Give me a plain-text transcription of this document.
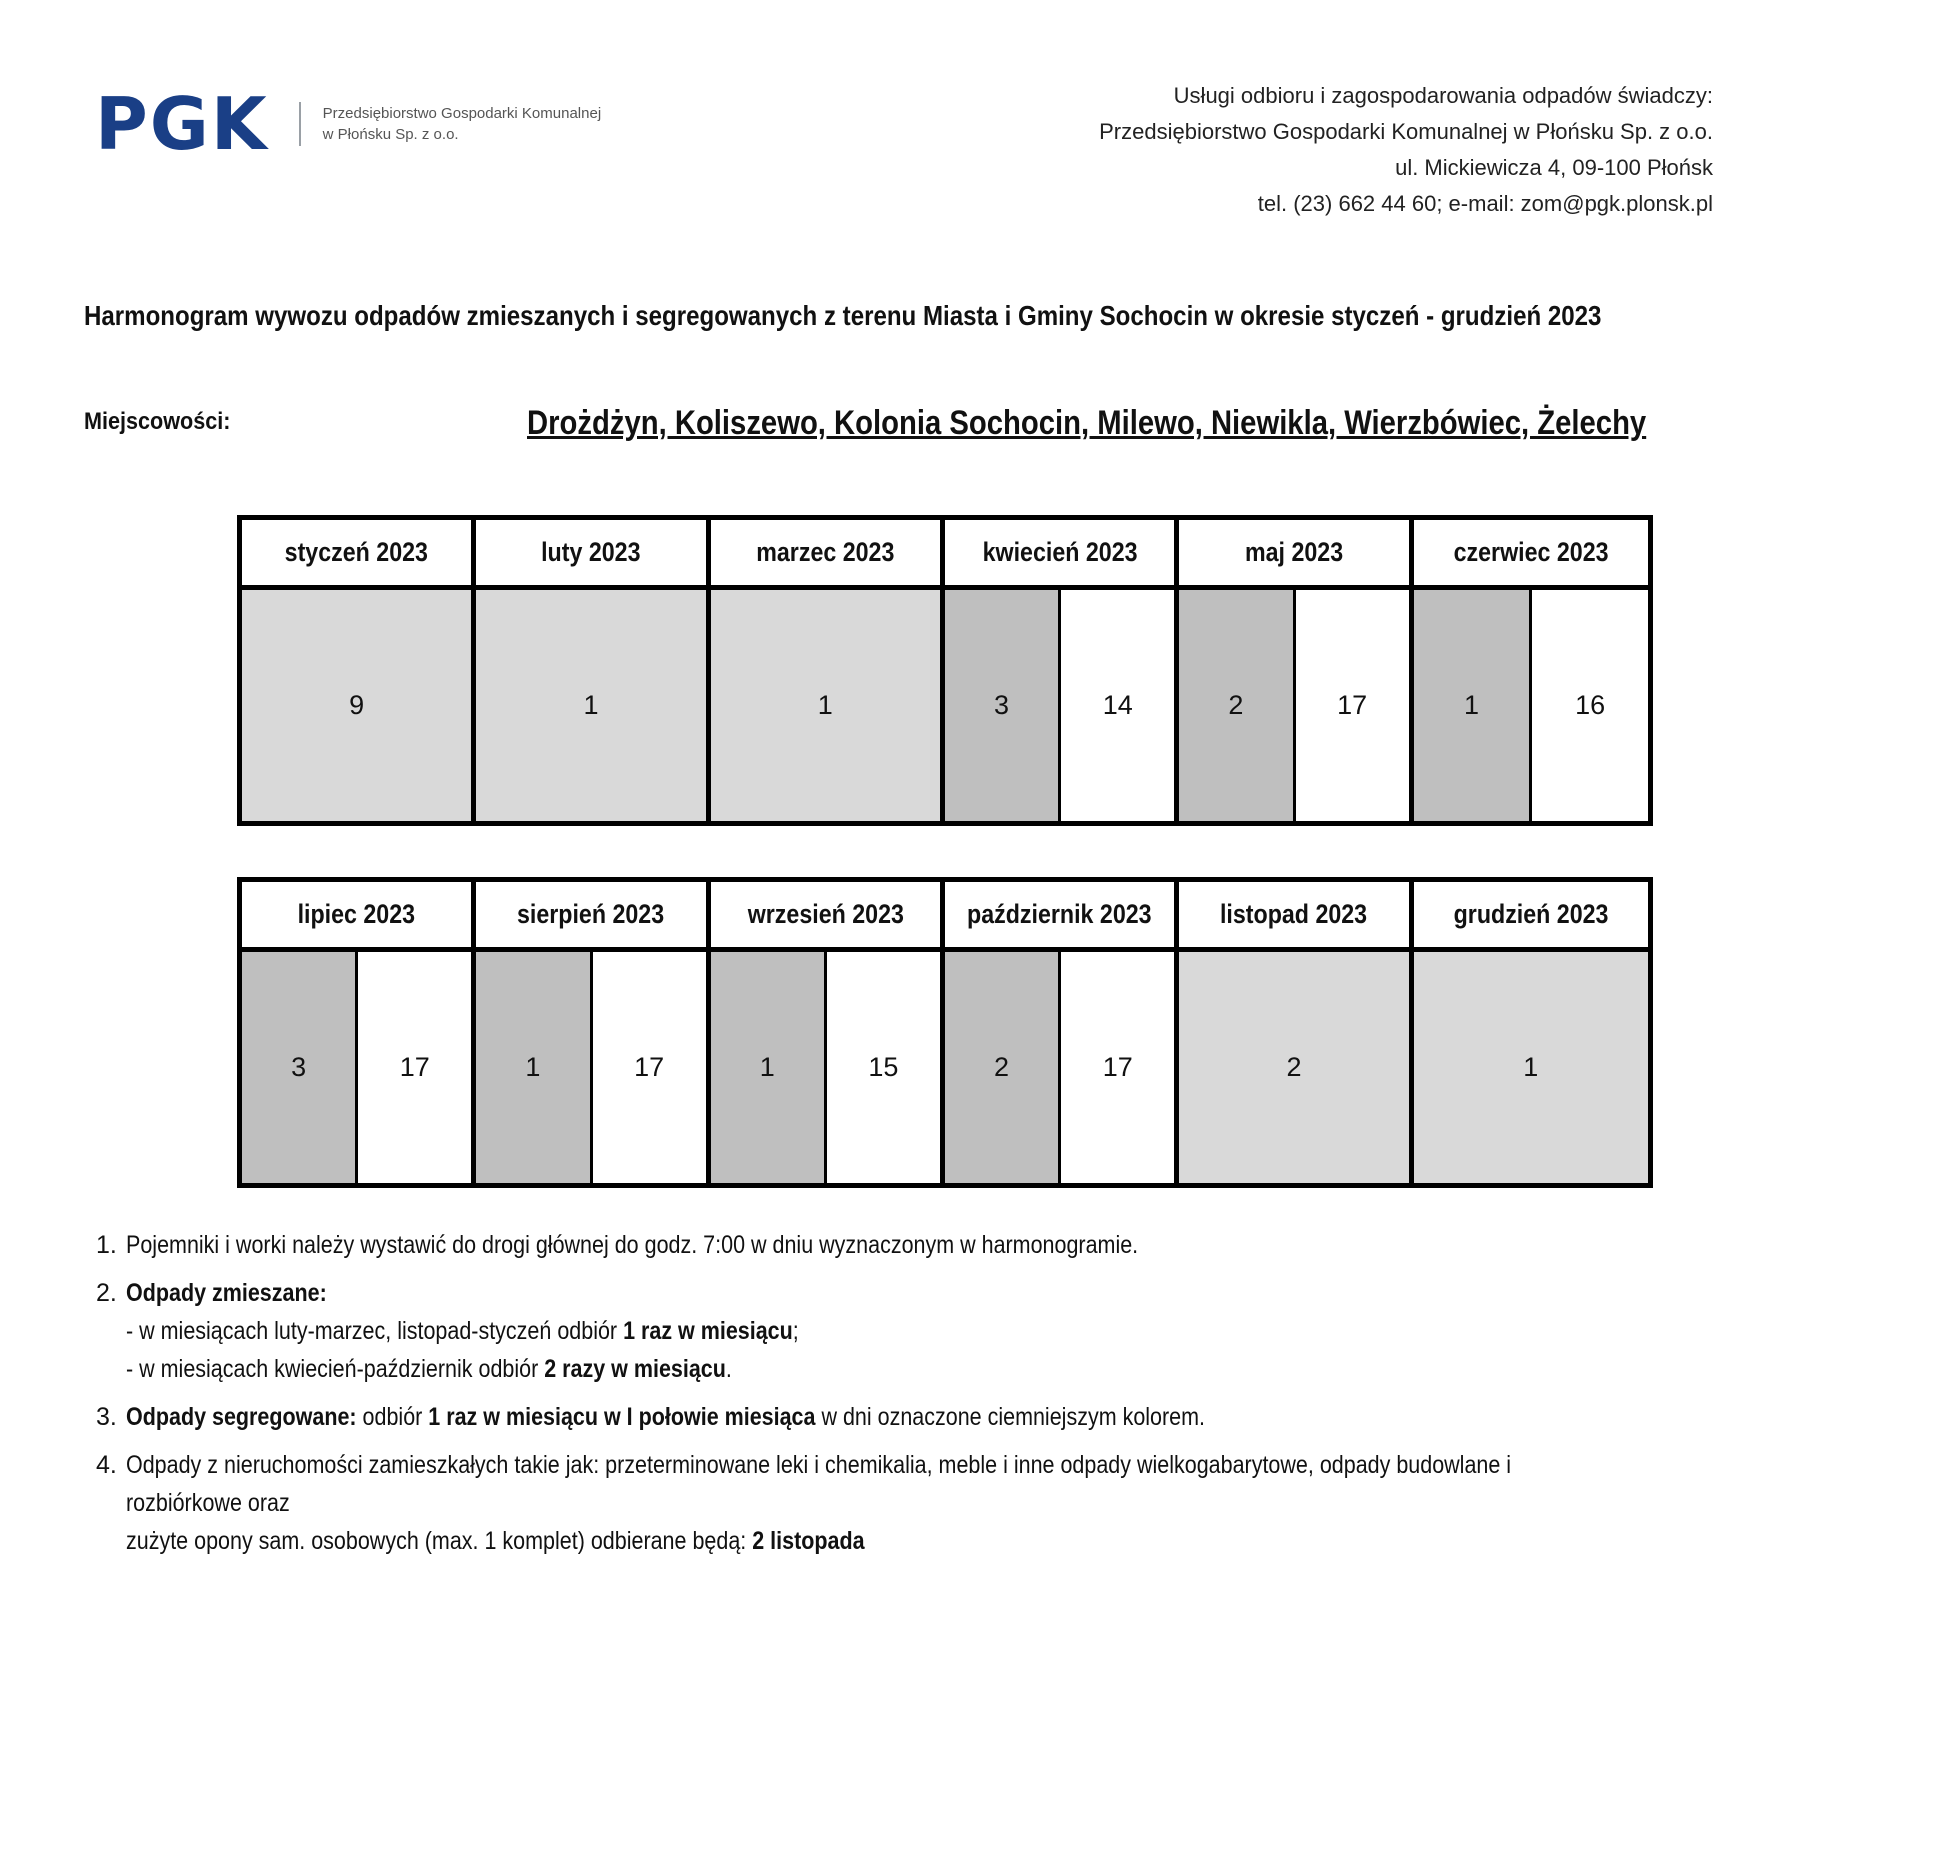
PGK	Przedsiębiorstwo Gospodarki Komunalnej
w Płońsku Sp. z o.o.
Usługi odbioru i zagospodarowania odpadów świadczy:
Przedsiębiorstwo Gospodarki Komunalnej w Płońsku Sp. z o.o.
ul. Mickiewicza 4, 09-100 Płońsk
tel. (23) 662 44 60; e-mail: zom@pgk.plonsk.pl
Harmonogram wywozu odpadów zmieszanych i segregowanych z terenu Miasta i Gminy Sochocin w okresie styczeń - grudzień 2023
Miejscowości:	Drożdżyn, Koliszewo, Kolonia Sochocin, Milewo, Niewikla, Wierzbówiec, Żelechy
styczeń 2023
9
luty 2023
1
marzec 2023
1
kwiecień 2023
3	14
maj 2023
2	17
czerwiec 2023
1	16
lipiec 2023
3	17
sierpień 2023
1	17
wrzesień 2023
1	15
październik 2023
2	17
listopad 2023
2
grudzień 2023
1
1. Pojemniki i worki należy wystawić do drogi głównej do godz. 7:00 w dniu wyznaczonym w harmonogramie.
2. Odpady zmieszane:
- w miesiącach luty-marzec, listopad-styczeń odbiór 1 raz w miesiącu;
- w miesiącach kwiecień-październik odbiór 2 razy w miesiącu.
3. Odpady segregowane: odbiór 1 raz w miesiącu w I połowie miesiąca w dni oznaczone ciemniejszym kolorem.
4. Odpady z nieruchomości zamieszkałych takie jak: przeterminowane leki i chemikalia, meble i inne odpady wielkogabarytowe, odpady budowlane i rozbiórkowe oraz
zużyte opony sam. osobowych (max. 1 komplet) odbierane będą: 2 listopada
